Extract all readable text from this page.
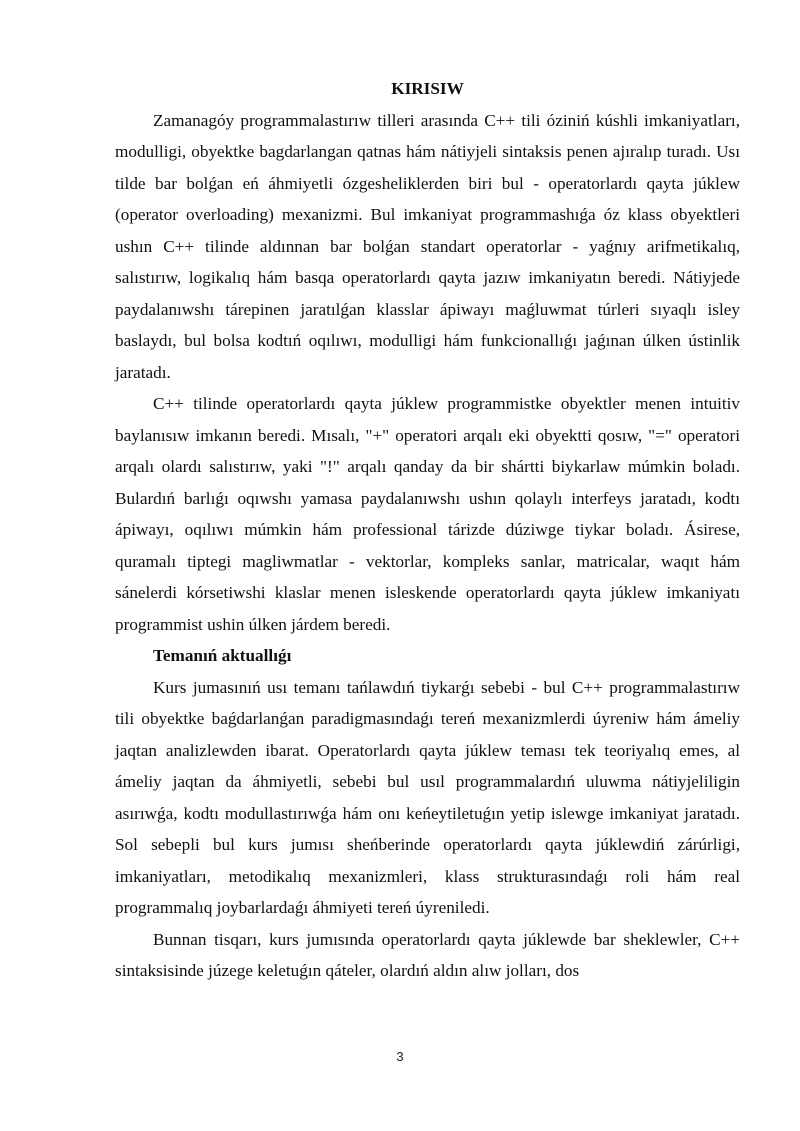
KIRISIW

Zamanagóy programmalastırıw tilleri arasında C++ tili óziniń kúshli imkaniyatları, modulligi, obyektke bagdarlangan qatnas hám nátiyjeli sintaksis penen ajıralıp turadı. Usı tilde bar bolǵan eń áhmiyetli ózgesheliklerden biri bul - operatorlardı qayta júklew (operator overloading) mexanizmi. Bul imkaniyat programmashıǵa óz klass obyektleri ushın C++ tilinde aldınnan bar bolǵan standart operatorlar - yaǵnıy arifmetikalıq, salıstırıw, logikalıq hám basqa operatorlardı qayta jazıw imkaniyatın beredi. Nátiyjede paydalanıwshı tárepinen jaratılǵan klasslar ápiwayı maǵluwmat túrleri sıyaqlı isley baslaydı, bul bolsa kodtıń oqılıwı, modulligi hám funkcionallıǵı jaǵınan úlken ústinlik jaratadı.

C++ tilinde operatorlardı qayta júklew programmistke obyektler menen intuitiv baylanısıw imkanın beredi. Mısalı, "+" operatori arqalı eki obyektti qosıw, "=" operatori arqalı olardı salıstırıw, yaki "!" arqalı qanday da bir shártti biykarlaw múmkin boladı. Bulardıń barlıǵı oqıwshı yamasa paydalanıwshı ushın qolaylı interfeys jaratadı, kodtı ápiwayı, oqılıwı múmkin hám professional tárizde dúziwge tiykar boladı. Ásirese, quramalı tiptegi magliwmatlar - vektorlar, kompleks sanlar, matricalar, waqıt hám sánelerdi kórsetiwshi klaslar menen isleskende operatorlardı qayta júklew imkaniyatı programmist ushin úlken járdem beredi.

Temanıń aktuallıǵı

Kurs jumasınıń usı temanı tańlawdıń tiykarǵı sebebi - bul C++ programmalastırıw tili obyektke baǵdarlanǵan paradigmasındaǵı tereń mexanizmlerdi úyreniw hám ámeliy jaqtan analizlewden ibarat. Operatorlardı qayta júklew teması tek teoriyalıq emes, al ámeliy jaqtan da áhmiyetli, sebebi bul usıl programmalardıń uluwma nátiyjeliligin asırıwǵa, kodtı modullastırıwǵa hám onı keńeytiletuǵın yetip islewge imkaniyat jaratadı. Sol sebepli bul kurs jumısı sheńberinde operatorlardı qayta júklewdiń zárúrligi, imkaniyatları, metodikalıq mexanizmleri, klass strukturasındaǵı roli hám real programmalıq joybarlardaǵı áhmiyeti tereń úyreniledi.

Bunnan tisqarı, kurs jumısında operatorlardı qayta júklewde bar sheklewler, C++ sintaksisinde júzege keletuǵın qáteler, olardıń aldın alıw jolları, dos

3
